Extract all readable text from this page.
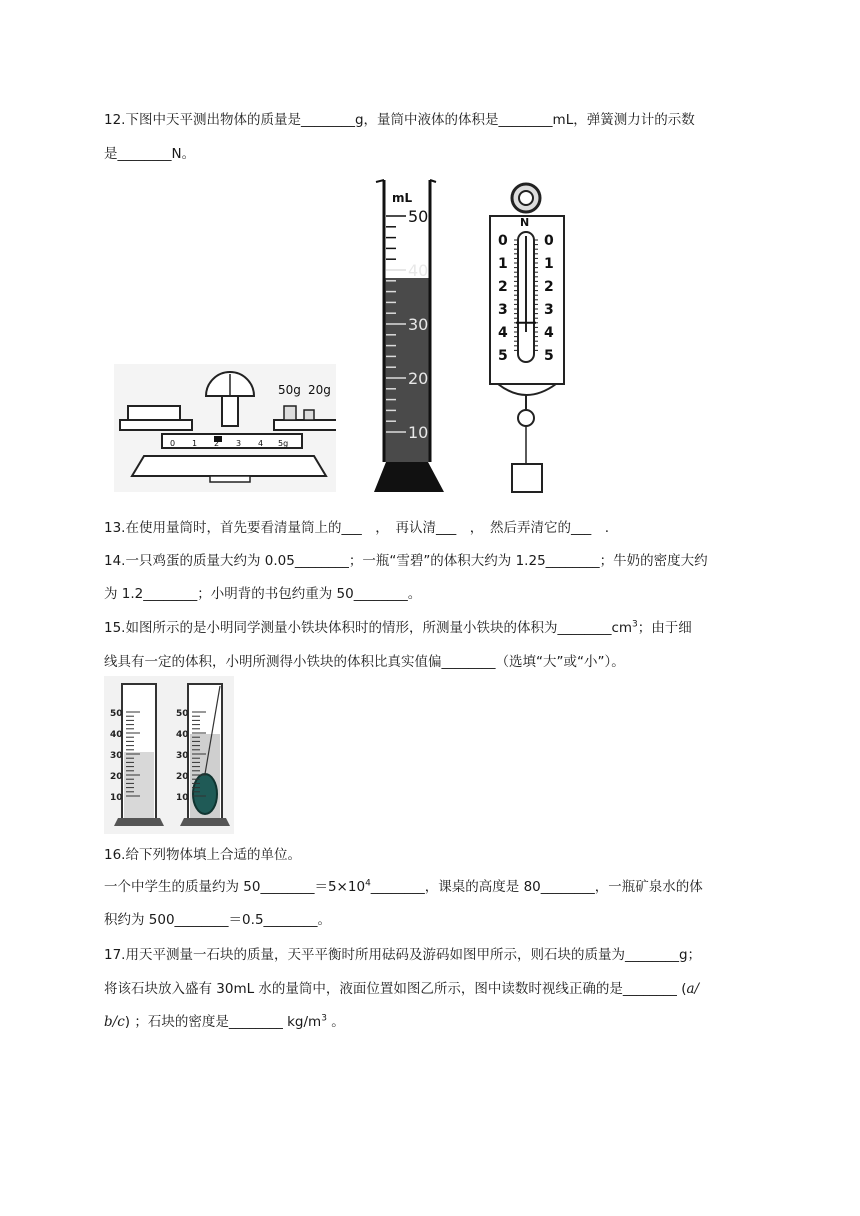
12.下图中天平测出物体的质量是________g，量筒中液体的体积是________mL，弹簧测力计的示数
是________N。
50g 20g
0 1 2 3 4 5g
mL
50
40
30
20
10
N
0	0
1	1
2	2
3	3
4	4
5	5
13.在使用量筒时，首先要看清量筒上的___　，　再认清___　，　然后弄清它的___　.
14.一只鸡蛋的质量大约为 0.05________；一瓶“雪碧”的体积大约为 1.25________；牛奶的密度大约
为 1.2________；小明背的书包约重为 50________。
15.如图所示的是小明同学测量小铁块体积时的情形，所测量小铁块的体积为$\_\_\_\_\_\_\_\_cm^3$；由于细
线具有一定的体积，小明所测得小铁块的体积比真实值偏________（选填“大”或“小”）。
50
40
30
20
10
50
40
30
20
10
16.给下列物体填上合适的单位。
一个中学生的质量约为 $50\_\_\_\_\_\_\_\_=5\times 10^4\_\_\_\_\_\_\_\_$，课桌的高度是 80________，一瓶矿泉水的体
积约为 500________＝0.5________。
17.用天平测量一石块的质量，天平平衡时所用砝码及游码如图甲所示，则石块的质量为________g；
将该石块放入盛有 30mL 水的量筒中，液面位置如图乙所示，图中读数时视线正确的是________ (a/
b/c) ；石块的密度是________ $kg/m^3$ 。
